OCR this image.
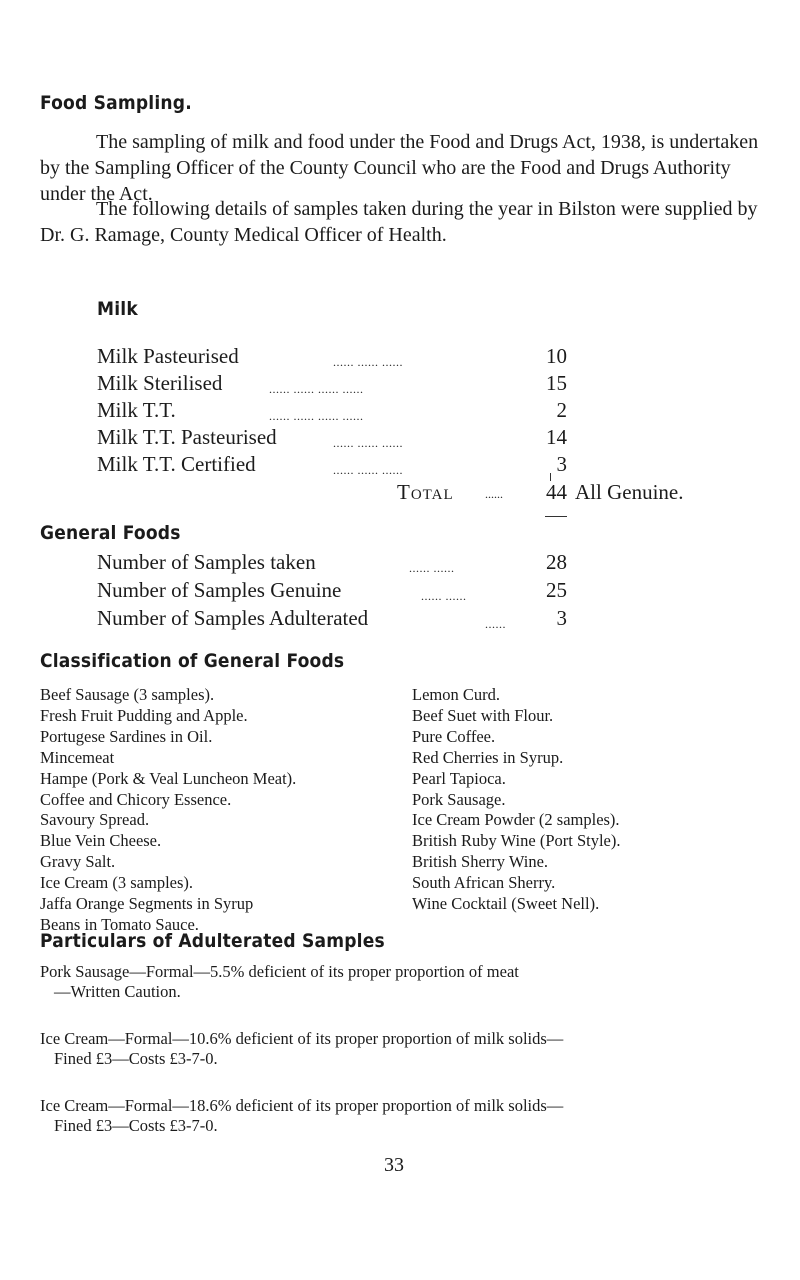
Food Sampling.

The sampling of milk and food under the Food and Drugs Act, 1938, is undertaken by the Sampling Officer of the County Council who are the Food and Drugs Authority under the Act.

The following details of samples taken during the year in Bilston were supplied by Dr. G. Ramage, County Medical Officer of Health.

Milk
Milk Pasteurised	...... ...... ......	10
Milk Sterilised	...... ...... ...... ......	15
Milk T.T.	...... ...... ...... ......	2
Milk T.T. Pasteurised	...... ...... ......	14
Milk T.T. Certified	...... ...... ......	3
Total	......	44 All Genuine.
General Foods
Number of Samples taken	...... ......	28
Number of Samples Genuine	...... ......	25
Number of Samples Adulterated	......	3
Classification of General Foods
Beef Sausage (3 samples).
Fresh Fruit Pudding and Apple.
Portugese Sardines in Oil.
Mincemeat
Hampe (Pork & Veal Luncheon Meat).
Coffee and Chicory Essence.
Savoury Spread.
Blue Vein Cheese.
Gravy Salt.
Ice Cream (3 samples).
Jaffa Orange Segments in Syrup
Beans in Tomato Sauce.
Lemon Curd.
Beef Suet with Flour.
Pure Coffee.
Red Cherries in Syrup.
Pearl Tapioca.
Pork Sausage.
Ice Cream Powder (2 samples).
British Ruby Wine (Port Style).
British Sherry Wine.
South African Sherry.
Wine Cocktail (Sweet Nell).
Particulars of Adulterated Samples
Pork Sausage—Formal—5.5% deficient of its proper proportion of meat
—Written Caution.
Ice Cream—Formal—10.6% deficient of its proper proportion of milk solids—
Fined £3—Costs £3-7-0.
Ice Cream—Formal—18.6% deficient of its proper proportion of milk solids—
Fined £3—Costs £3-7-0.
33
